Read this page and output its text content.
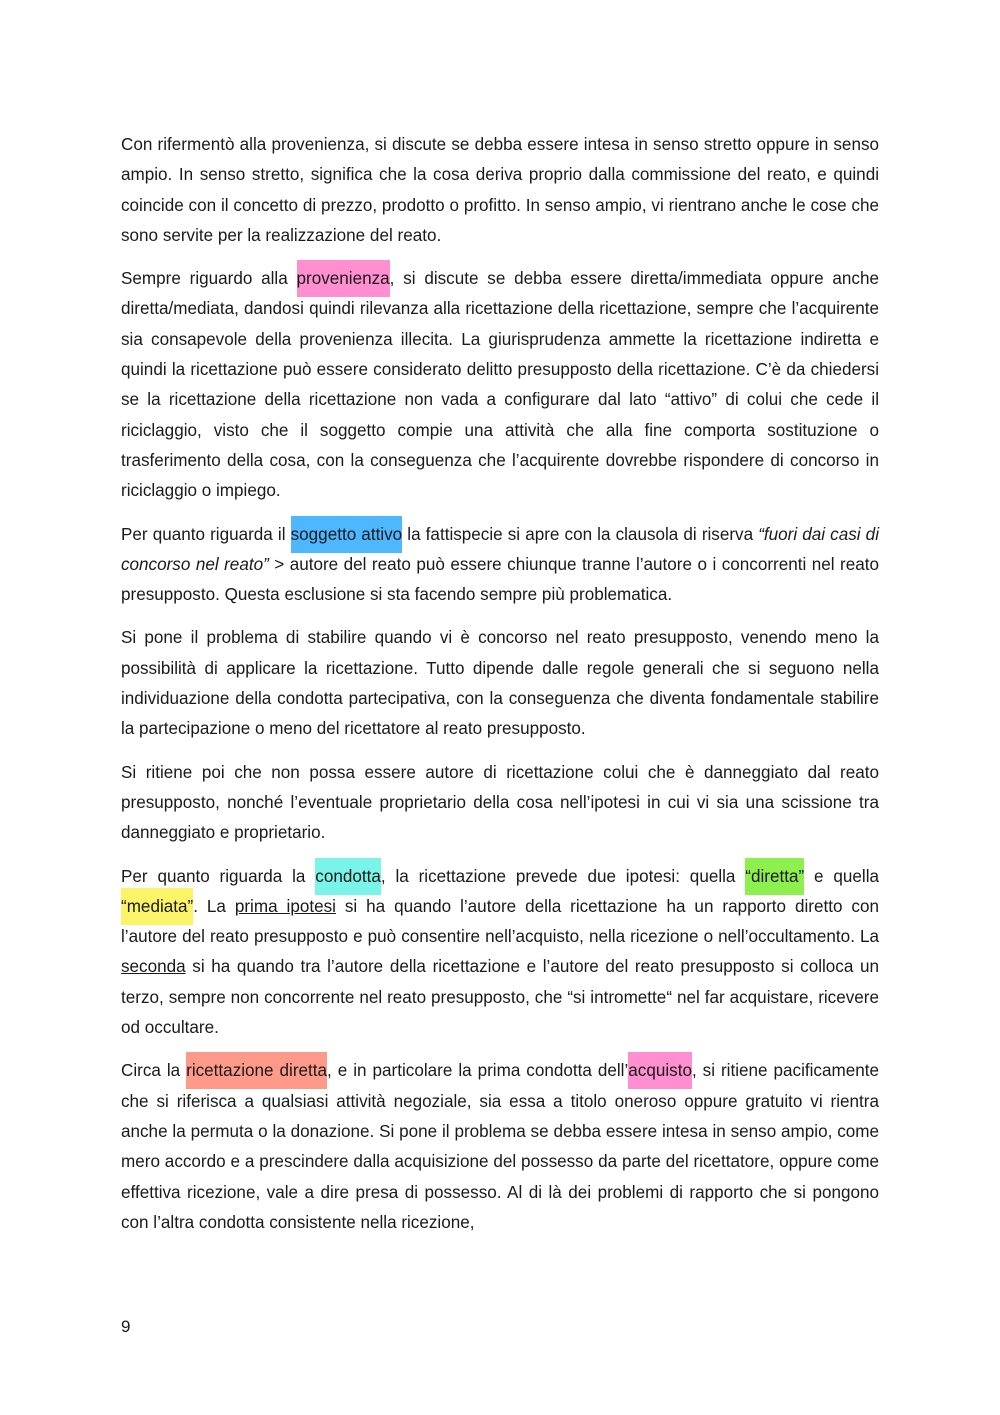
Con rifermentò alla provenienza, si discute se debba essere intesa in senso stretto oppure in senso ampio. In senso stretto, significa che la cosa deriva proprio dalla commissione del reato, e quindi coincide con il concetto di prezzo, prodotto o profitto. In senso ampio, vi rientrano anche le cose che sono servite per la realizzazione del reato.

Sempre riguardo alla provenienza, si discute se debba essere diretta/immediata oppure anche diretta/mediata, dandosi quindi rilevanza alla ricettazione della ricettazione, sempre che l’acquirente sia consapevole della provenienza illecita. La giurisprudenza ammette la ricettazione indiretta e quindi la ricettazione può essere considerato delitto presupposto della ricettazione. C’è da chiedersi se la ricettazione della ricettazione non vada a configurare dal lato “attivo” di colui che cede il riciclaggio, visto che il soggetto compie una attività che alla fine comporta sostituzione o trasferimento della cosa, con la conseguenza che l’acquirente dovrebbe rispondere di concorso in riciclaggio o impiego.

Per quanto riguarda il soggetto attivo la fattispecie si apre con la clausola di riserva “fuori dai casi di concorso nel reato” > autore del reato può essere chiunque tranne l’autore o i concorrenti nel reato presupposto. Questa esclusione si sta facendo sempre più problematica.

Si pone il problema di stabilire quando vi è concorso nel reato presupposto, venendo meno la possibilità di applicare la ricettazione. Tutto dipende dalle regole generali che si seguono nella individuazione della condotta partecipativa, con la conseguenza che diventa fondamentale stabilire la partecipazione o meno del ricettatore al reato presupposto.

Si ritiene poi che non possa essere autore di ricettazione colui che è danneggiato dal reato presupposto, nonché l’eventuale proprietario della cosa nell’ipotesi in cui vi sia una scissione tra danneggiato e proprietario.

Per quanto riguarda la condotta, la ricettazione prevede due ipotesi: quella “diretta” e quella “mediata”. La prima ipotesi si ha quando l’autore della ricettazione ha un rapporto diretto con l’autore del reato presupposto e può consentire nell’acquisto, nella ricezione o nell’occultamento. La seconda si ha quando tra l’autore della ricettazione e l’autore del reato presupposto si colloca un terzo, sempre non concorrente nel reato presupposto, che “si intromette“ nel far acquistare, ricevere od occultare.

Circa la ricettazione diretta, e in particolare la prima condotta dell’acquisto, si ritiene pacificamente che si riferisca a qualsiasi attività negoziale, sia essa a titolo oneroso oppure gratuito vi rientra anche la permuta o la donazione. Si pone il problema se debba essere intesa in senso ampio, come mero accordo e a prescindere dalla acquisizione del possesso da parte del ricettatore, oppure come effettiva ricezione, vale a dire presa di possesso. Al di là dei problemi di rapporto che si pongono con l’altra condotta consistente nella ricezione,

9
